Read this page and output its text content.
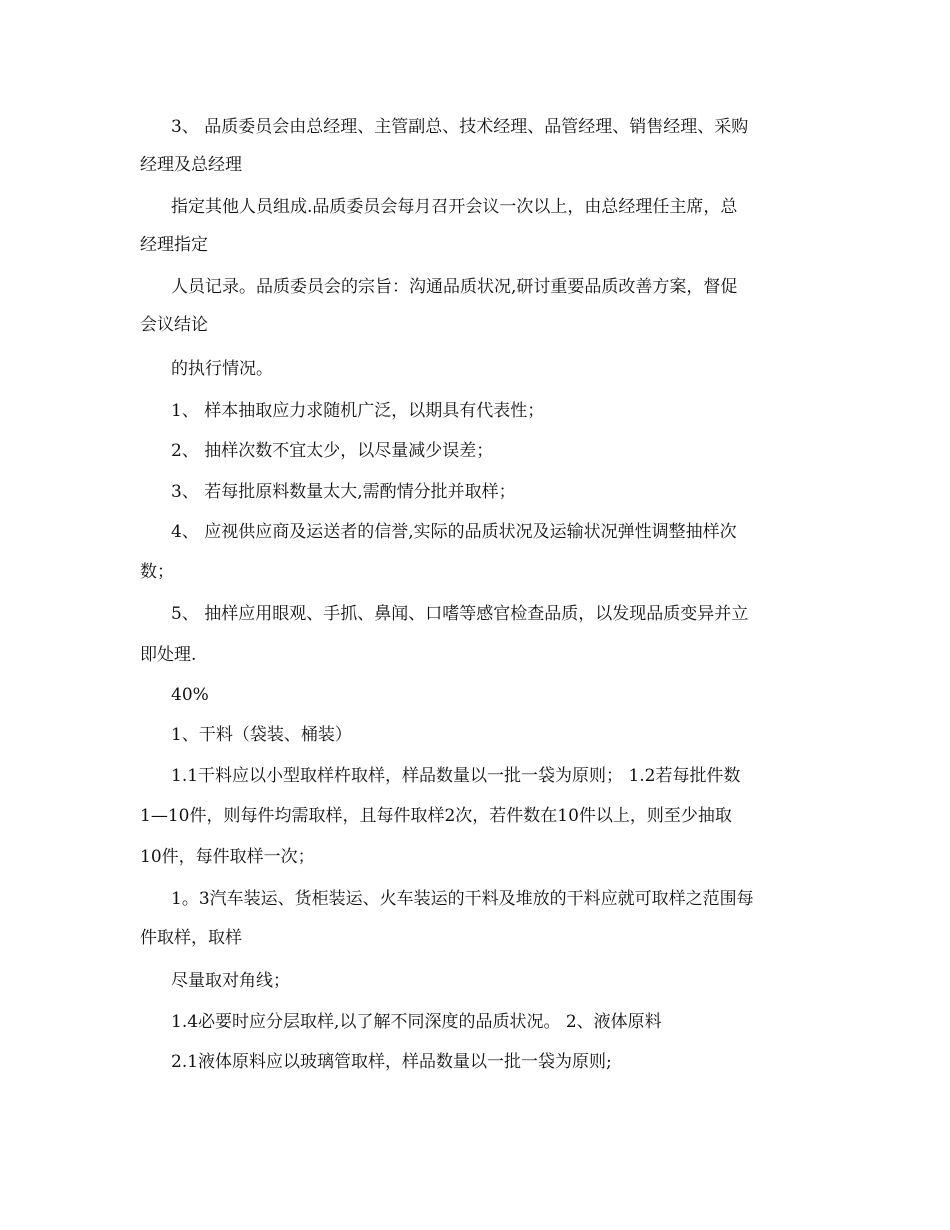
3、 品质委员会由总经理、主管副总、技术经理、品管经理、销售经理、采购
经理及总经理
指定其他人员组成.品质委员会每月召开会议一次以上，由总经理任主席，总
经理指定
人员记录。品质委员会的宗旨：沟通品质状况,研讨重要品质改善方案，督促
会议结论
的执行情况。
1、 样本抽取应力求随机广泛，以期具有代表性；
2、 抽样次数不宜太少，以尽量减少误差；
3、 若每批原料数量太大,需酌情分批并取样；
4、 应视供应商及运送者的信誉,实际的品质状况及运输状况弹性调整抽样次
数；
5、 抽样应用眼观、手抓、鼻闻、口嗜等感官检查品质，以发现品质变异并立
即处理.
40%
1、干料（袋装、桶装）
1.1干料应以小型取样杵取样，样品数量以一批一袋为原则； 1.2若每批件数
1—10件，则每件均需取样，且每件取样2次，若件数在10件以上，则至少抽取
10件，每件取样一次；
1。3汽车装运、货柜装运、火车装运的干料及堆放的干料应就可取样之范围每
件取样，取样
尽量取对角线；
1.4必要时应分层取样,以了解不同深度的品质状况。 2、液体原料
2.1液体原料应以玻璃管取样，样品数量以一批一袋为原则;
